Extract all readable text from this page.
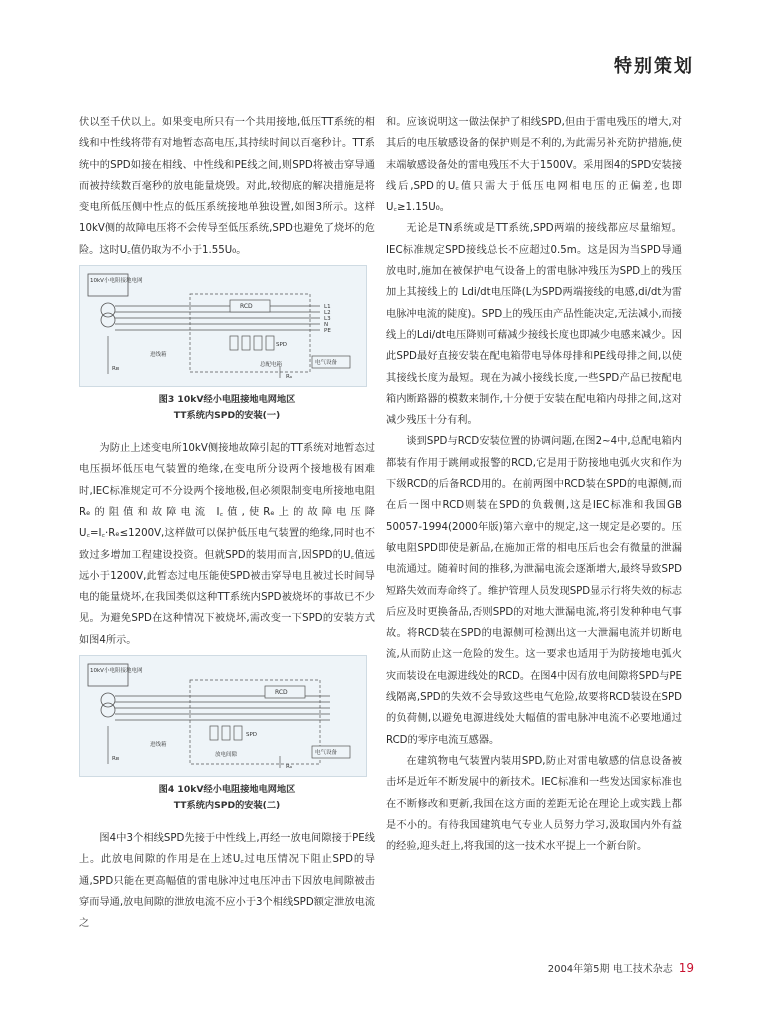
特别策划

伏以至千伏以上。如果变电所只有一个共用接地,低压TT系统的相线和中性线将带有对地暂态高电压,其持续时间以百毫秒计。TT系统中的SPD如接在相线、中性线和PE线之间,则SPD将被击穿导通而被持续数百毫秒的放电能量烧毁。对此,较彻底的解决措施是将变电所低压侧中性点的低压系统接地单独设置,如图3所示。这样10kV侧的故障电压将不会传导至低压系统,SPD也避免了烧坏的危险。这时U꜀值仍取为不小于1.55U₀。

10kV小电阻接地电网
L1
L2
L3
N
PE
RCD
SPD
进线箱
总配电箱
Rʙ
Rₐ
电气设备
图3 10kV经小电阻接地电网地区
TT系统内SPD的安装(一)

为防止上述变电所10kV侧接地故障引起的TT系统对地暂态过电压损坏低压电气装置的绝缘,在变电所分设两个接地极有困难时,IEC标准规定可不分设两个接地极,但必须限制变电所接地电阻Rₑ的阻值和故障电流 I꜀值,使Rₑ上的故障电压降 U꜀=I꜀·Rₑ≤1200V,这样做可以保护低压电气装置的绝缘,同时也不致过多增加工程建设投资。但就SPD的装用而言,因SPD的U꜀值远远小于1200V,此暂态过电压能使SPD被击穿导电且被过长时间导电的能量烧坏,在我国类似这种TT系统内SPD被烧坏的事故已不少见。为避免SPD在这种情况下被烧坏,需改变一下SPD的安装方式如图4所示。

10kV小电阻接地电网
RCD
SPD
放电间隙
进线箱
Rʙ
Rₐ
电气设备
图4 10kV经小电阻接地电网地区
TT系统内SPD的安装(二)

图4中3个相线SPD先接于中性线上,再经一放电间隙接于PE线上。此放电间隙的作用是在上述U꜀过电压情况下阻止SPD的导通,SPD只能在更高幅值的雷电脉冲过电压冲击下因放电间隙被击穿而导通,放电间隙的泄放电流不应小于3个相线SPD额定泄放电流之

和。应该说明这一做法保护了相线SPD,但由于雷电残压的增大,对其后的电压敏感设备的保护则是不利的,为此需另补充防护措施,使末端敏感设备处的雷电残压不大于1500V。采用图4的SPD安装接线后,SPD的U꜀值只需大于低压电网相电压的正偏差,也即U꜀≥1.15U₀。

无论是TN系统或是TT系统,SPD两端的接线都应尽量缩短。IEC标准规定SPD接线总长不应超过0.5m。这是因为当SPD导通放电时,施加在被保护电气设备上的雷电脉冲残压为SPD上的残压加上其接线上的 Ldi/dt电压降(L为SPD两端接线的电感,di/dt为雷电脉冲电流的陡度)。SPD上的残压由产品性能决定,无法减小,而接线上的Ldi/dt电压降则可藉减少接线长度也即减少电感来减少。因此SPD最好直接安装在配电箱带电导体母排和PE线母排之间,以使其接线长度为最短。现在为减小接线长度,一些SPD产品已按配电箱内断路器的模数来制作,十分便于安装在配电箱内母排之间,这对减少残压十分有利。

谈到SPD与RCD安装位置的协调问题,在图2~4中,总配电箱内都装有作用于跳闸或报警的RCD,它是用于防接地电弧火灾和作为下级RCD的后备RCD用的。在前两图中RCD装在SPD的电源侧,而在后一图中RCD则装在SPD的负载侧,这是IEC标准和我国GB 50057-1994(2000年版)第六章中的规定,这一规定是必要的。压敏电阻SPD即使是新品,在施加正常的相电压后也会有微量的泄漏电流通过。随着时间的推移,为泄漏电流会逐渐增大,最终导致SPD短路失效而寿命终了。维护管理人员发现SPD显示行将失效的标志后应及时更换备品,否则SPD的对地大泄漏电流,将引发种种电气事故。将RCD装在SPD的电源侧可检测出这一大泄漏电流并切断电流,从而防止这一危险的发生。这一要求也适用于为防接地电弧火灾而装设在电源进线处的RCD。在图4中因有放电间隙将SPD与PE线隔离,SPD的失效不会导致这些电气危险,故要将RCD装设在SPD的负荷侧,以避免电源进线处大幅值的雷电脉冲电流不必要地通过RCD的零序电流互感器。

在建筑物电气装置内装用SPD,防止对雷电敏感的信息设备被击坏是近年不断发展中的新技术。IEC标准和一些发达国家标准也在不断修改和更新,我国在这方面的差距无论在理论上或实践上都是不小的。有待我国建筑电气专业人员努力学习,汲取国内外有益的经验,迎头赶上,将我国的这一技术水平提上一个新台阶。

2004年第5期 电工技术杂志 19
